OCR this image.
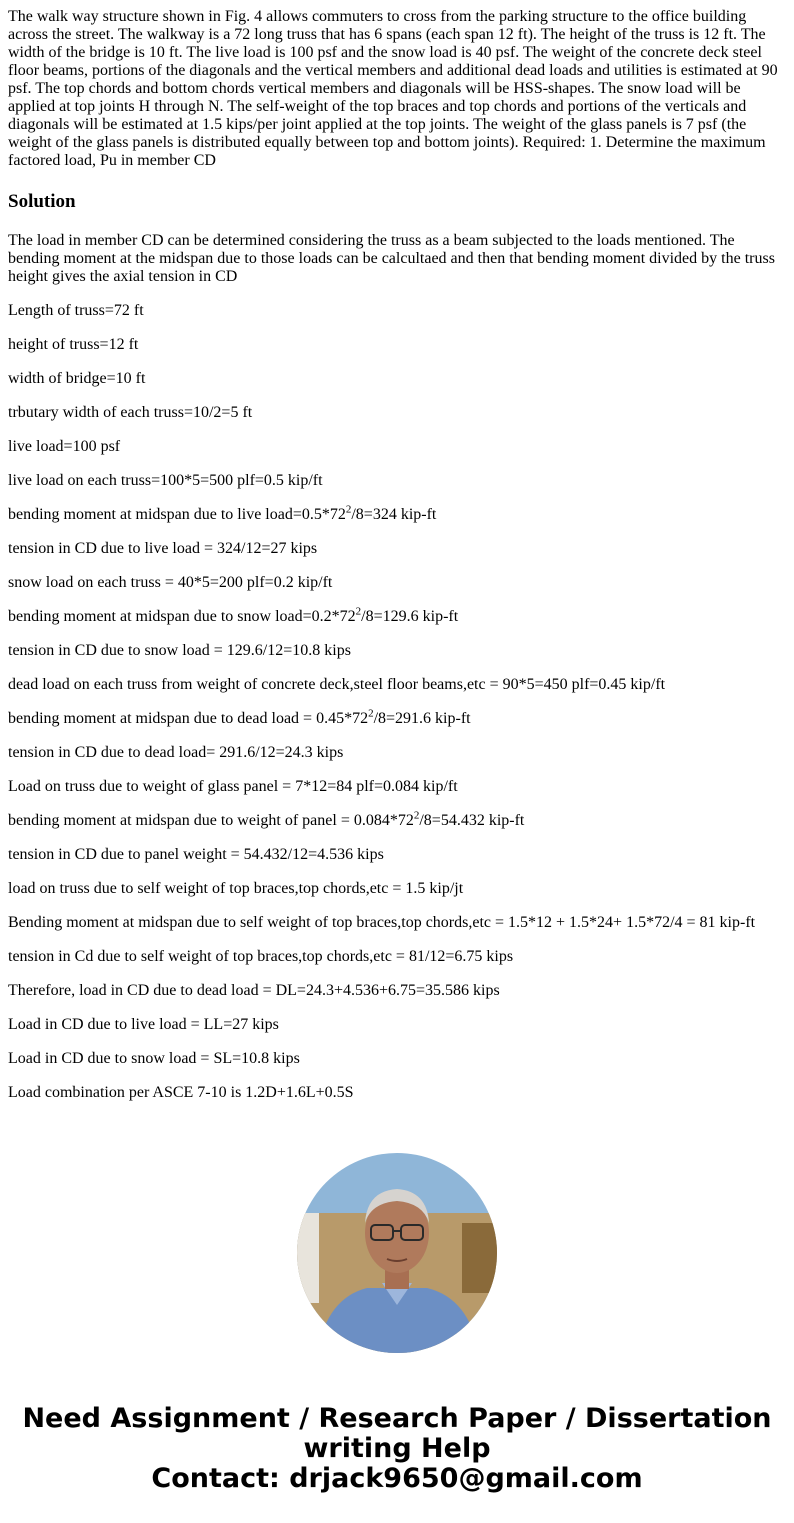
The walk way structure shown in Fig. 4 allows commuters to cross from the parking structure to the office building across the street. The walkway is a 72 long truss that has 6 spans (each span 12 ft). The height of the truss is 12 ft. The width of the bridge is 10 ft. The live load is 100 psf and the snow load is 40 psf. The weight of the concrete deck steel floor beams, portions of the diagonals and the vertical members and additional dead loads and utilities is estimated at 90 psf. The top chords and bottom chords vertical members and diagonals will be HSS-shapes. The snow load will be applied at top joints H through N. The self-weight of the top braces and top chords and portions of the verticals and diagonals will be estimated at 1.5 kips/per joint applied at the top joints. The weight of the glass panels is 7 psf (the weight of the glass panels is distributed equally between top and bottom joints). Required: 1. Determine the maximum factored load, Pu in member CD

Solution

The load in member CD can be determined considering the truss as a beam subjected to the loads mentioned. The bending moment at the midspan due to those loads can be calcultaed and then that bending moment divided by the truss height gives the axial tension in CD

Length of truss=72 ft

height of truss=12 ft

width of bridge=10 ft

trbutary width of each truss=10/2=5 ft

live load=100 psf

live load on each truss=100*5=500 plf=0.5 kip/ft

bending moment at midspan due to live $load=0.5*72^2/8=324$ kip-ft

tension in CD due to live load = 324/12=27 kips

snow load on each truss = 40*5=200 plf=0.2 kip/ft

bending moment at midspan due to snow $load=0.2*72^2/8=129.6$ kip-ft

tension in CD due to snow load = 129.6/12=10.8 kips

dead load on each truss from weight of concrete deck,steel floor beams,etc = 90*5=450 plf=0.45 kip/ft

bending moment at midspan due to dead load = $0.45*72^2/8=291.6$ kip-ft

tension in CD due to dead load= 291.6/12=24.3 kips

Load on truss due to weight of glass panel = 7*12=84 plf=0.084 kip/ft

bending moment at midspan due to weight of panel = $0.084*72^2/8=54.432$ kip-ft

tension in CD due to panel weight = 54.432/12=4.536 kips

load on truss due to self weight of top braces,top chords,etc = 1.5 kip/jt

Bending moment at midspan due to self weight of top braces,top chords,etc = 1.5*12 + 1.5*24+ 1.5*72/4 = 81 kip-ft

tension in Cd due to self weight of top braces,top chords,etc = 81/12=6.75 kips

Therefore, load in CD due to dead load = DL=24.3+4.536+6.75=35.586 kips

Load in CD due to live load = LL=27 kips

Load in CD due to snow load = SL=10.8 kips

Load combination per ASCE 7-10 is 1.2D+1.6L+0.5S

Need Assignment / Research Paper / Dissertation
writing Help
Contact: drjack9650@gmail.com
